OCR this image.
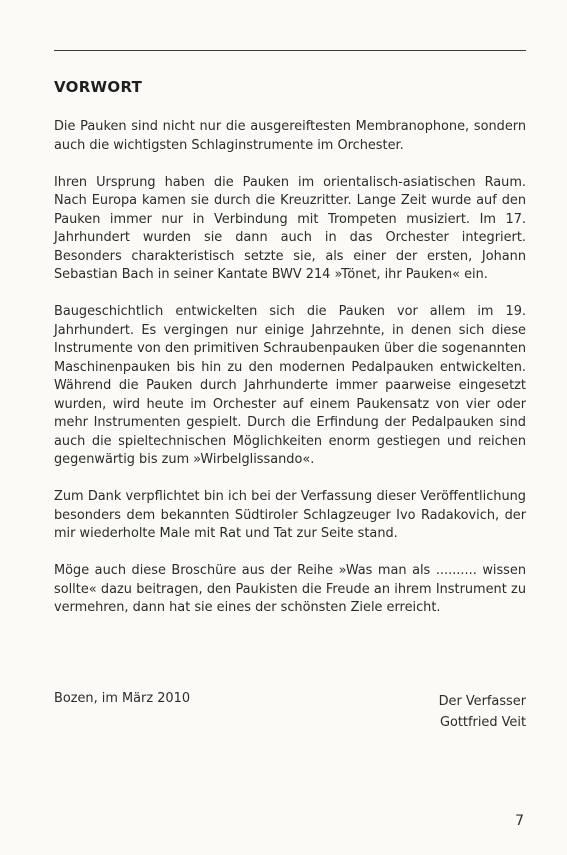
VORWORT

Die Pauken sind nicht nur die ausgereiftesten Membranophone, sondern auch die wichtigsten Schlaginstrumente im Orchester.

Ihren Ursprung haben die Pauken im orientalisch-asiatischen Raum. Nach Europa kamen sie durch die Kreuzritter. Lange Zeit wurde auf den Pauken immer nur in Verbindung mit Trompeten musiziert. Im 17. Jahrhundert wurden sie dann auch in das Orchester integriert. Besonders charakteristisch setzte sie, als einer der ersten, Johann Sebastian Bach in seiner Kantate BWV 214 »Tönet, ihr Pauken« ein.

Baugeschichtlich entwickelten sich die Pauken vor allem im 19. Jahrhundert. Es vergingen nur einige Jahrzehnte, in denen sich diese Instrumente von den primitiven Schraubenpauken über die sogenannten Maschinenpauken bis hin zu den modernen Pedalpauken entwickelten. Während die Pauken durch Jahrhunderte immer paarweise eingesetzt wurden, wird heute im Orchester auf einem Paukensatz von vier oder mehr Instrumenten gespielt. Durch die Erfindung der Pedalpauken sind auch die spieltechnischen Möglichkeiten enorm gestiegen und reichen gegenwärtig bis zum »Wirbelglissando«.

Zum Dank verpflichtet bin ich bei der Verfassung dieser Veröffentlichung besonders dem bekannten Südtiroler Schlagzeuger Ivo Radakovich, der mir wiederholte Male mit Rat und Tat zur Seite stand.

Möge auch diese Broschüre aus der Reihe »Was man als .......... wissen sollte« dazu beitragen, den Paukisten die Freude an ihrem Instrument zu vermehren, dann hat sie eines der schönsten Ziele erreicht.

Bozen, im März 2010	Der Verfasser
Gottfried Veit
7
